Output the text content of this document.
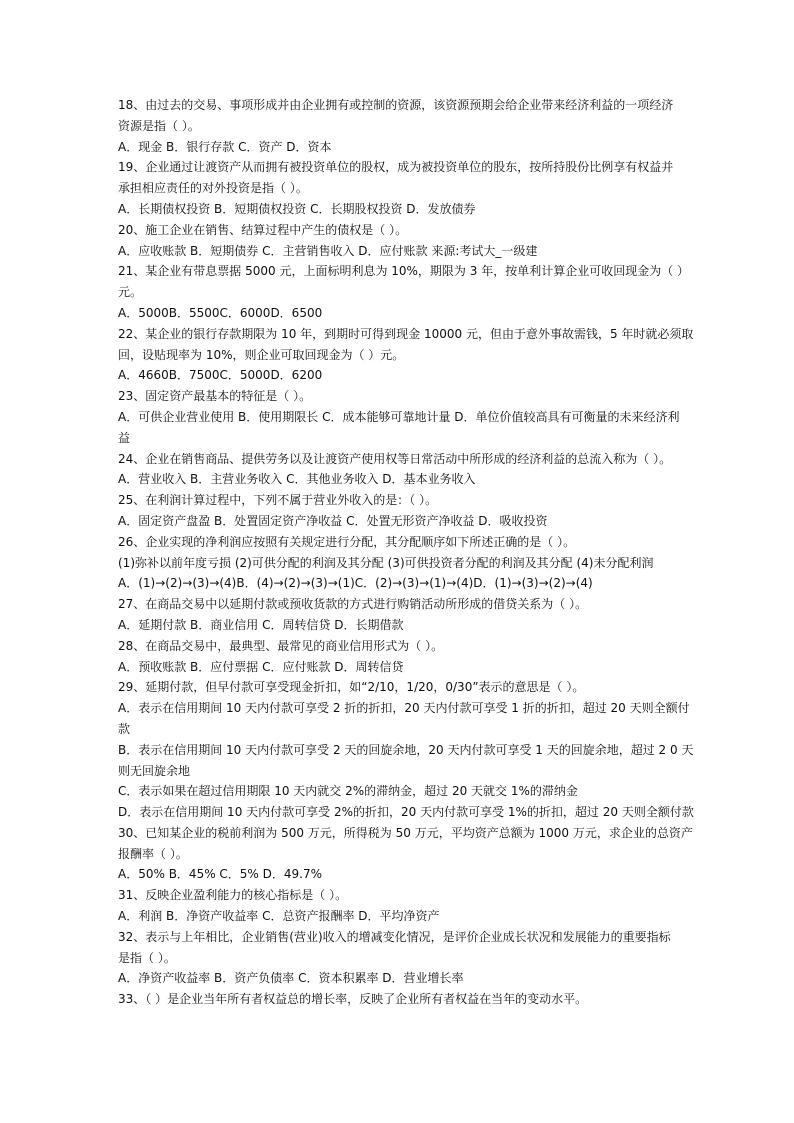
18、由过去的交易、事项形成并由企业拥有或控制的资源，该资源预期会给企业带来经济利益的一项经济
资源是指（ ）。
A．现金 B．银行存款 C．资产 D．资本
19、企业通过让渡资产从而拥有被投资单位的股权，成为被投资单位的股东，按所持股份比例享有权益并
承担相应责任的对外投资是指（ ）。
A．长期债权投资 B．短期债权投资 C．长期股权投资 D．发放债券
20、施工企业在销售、结算过程中产生的债权是（ ）。
A．应收账款 B．短期债券 C．主营销售收入 D．应付账款 来源:考试大_一级建
21、某企业有带息票据 5000 元，上面标明利息为 10%，期限为 3 年，按单利计算企业可收回现金为（ ）
元。
A．5000B．5500C．6000D．6500
22、某企业的银行存款期限为 10 年，到期时可得到现金 10000 元，但由于意外事故需钱，5 年时就必须取
回，设贴现率为 10%，则企业可取回现金为（ ）元。
A．4660B．7500C．5000D．6200
23、固定资产最基本的特征是（ ）。
A．可供企业营业使用 B．使用期限长 C．成本能够可靠地计量 D．单位价值较高具有可衡量的未来经济利
益
24、企业在销售商品、提供劳务以及让渡资产使用权等日常活动中所形成的经济利益的总流入称为（ ）。
A．营业收入 B．主营业务收入 C．其他业务收入 D．基本业务收入
25、在利润计算过程中，下列不属于营业外收入的是：（ ）。
A．固定资产盘盈 B．处置固定资产净收益 C．处置无形资产净收益 D．吸收投资
26、企业实现的净利润应按照有关规定进行分配，其分配顺序如下所述正确的是（ ）。
(1)弥补以前年度亏损 (2)可供分配的利润及其分配 (3)可供投资者分配的利润及其分配 (4)未分配利润
A．(1)→(2)→(3)→(4)B．(4)→(2)→(3)→(1)C．(2)→(3)→(1)→(4)D．(1)→(3)→(2)→(4)
27、在商品交易中以延期付款或预收货款的方式进行购销活动所形成的借贷关系为（ ）。
A．延期付款 B．商业信用 C．周转信贷 D．长期借款
28、在商品交易中，最典型、最常见的商业信用形式为（ ）。
A．预收账款 B．应付票据 C．应付账款 D．周转信贷
29、延期付款，但早付款可享受现金折扣，如“2/10，1/20，0/30”表示的意思是（ ）。
A．表示在信用期间 10 天内付款可享受 2 折的折扣，20 天内付款可享受 1 折的折扣，超过 20 天则全额付
款
B．表示在信用期间 10 天内付款可享受 2 天的回旋余地，20 天内付款可享受 1 天的回旋余地，超过 2 0 天
则无回旋余地
C．表示如果在超过信用期限 10 天内就交 2%的滞纳金，超过 20 天就交 1%的滞纳金
D．表示在信用期间 10 天内付款可享受 2%的折扣，20 天内付款可享受 1%的折扣，超过 20 天则全额付款
30、已知某企业的税前利润为 500 万元，所得税为 50 万元，平均资产总额为 1000 万元，求企业的总资产
报酬率（ ）。
A．50% B．45% C．5% D．49.7%
31、反映企业盈利能力的核心指标是（ ）。
A．利润 B．净资产收益率 C．总资产报酬率 D．平均净资产
32、表示与上年相比，企业销售(营业)收入的增减变化情况，是评价企业成长状况和发展能力的重要指标
是指（ ）。
A．净资产收益率 B．资产负债率 C．资本积累率 D．营业增长率
33、（ ）是企业当年所有者权益总的增长率，反映了企业所有者权益在当年的变动水平。
